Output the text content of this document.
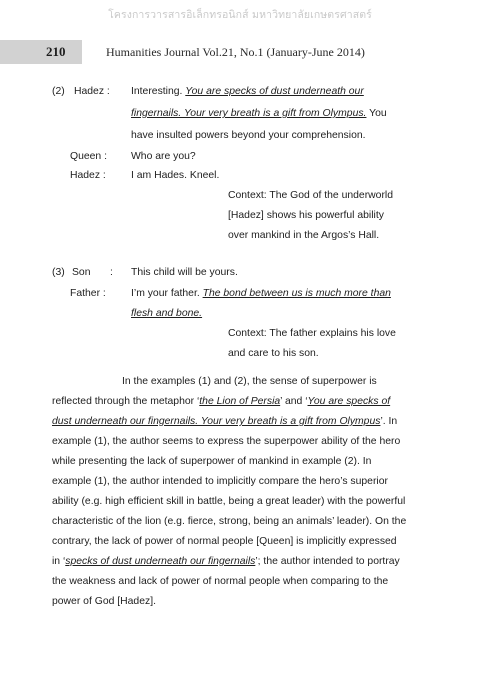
โครงการวารสารอิเล็กทรอนิกส์ มหาวิทยาลัยเกษตรศาสตร์
210	Humanities Journal Vol.21, No.1 (January-June 2014)
(2) Hadez : Interesting. You are specks of dust underneath our
fingernails. Your very breath is a gift from Olympus. You
have insulted powers beyond your comprehension.
Queen : Who are you?
Hadez : I am Hades. Kneel.
Context: The God of the underworld
[Hadez] shows his powerful ability
over mankind in the Argos’s Hall.
(3) Son : This child will be yours.
Father : I’m your father. The bond between us is much more than
flesh and bone.
Context: The father explains his love
and care to his son.
In the examples (1) and (2), the sense of superpower is
reflected through the metaphor ‘the Lion of Persia’ and ‘You are specks of
dust underneath our fingernails. Your very breath is a gift from Olympus’. In
example (1), the author seems to express the superpower ability of the hero
while presenting the lack of superpower of mankind in example (2). In
example (1), the author intended to implicitly compare the hero’s superior
ability (e.g. high efficient skill in battle, being a great leader) with the powerful
characteristic of the lion (e.g. fierce, strong, being an animals’ leader). On the
contrary, the lack of power of normal people [Queen] is implicitly expressed
in ‘specks of dust underneath our fingernails’; the author intended to portray
the weakness and lack of power of normal people when comparing to the
power of God [Hadez].
